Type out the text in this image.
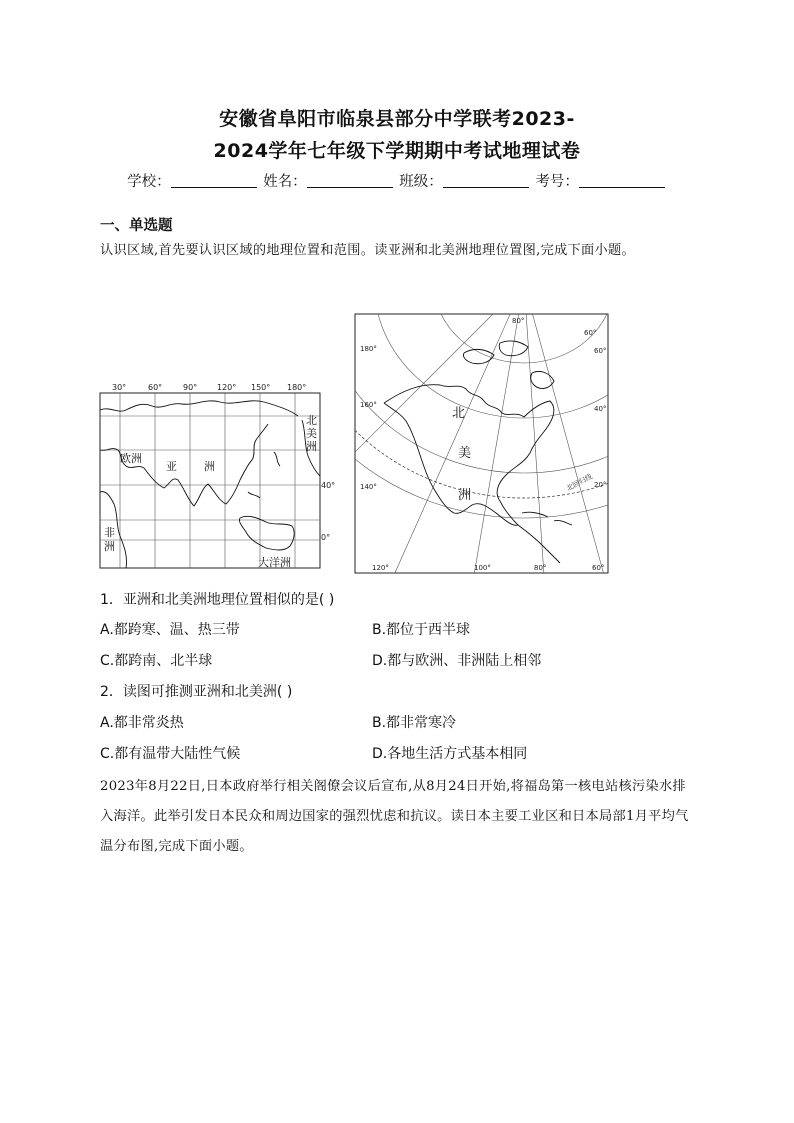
安徽省阜阳市临泉县部分中学联考2023-
2024学年七年级下学期期中考试地理试卷
学校：	姓名：	班级：	考号：
一、单选题
认识区域,首先要认识区域的地理位置和范围。读亚洲和北美洲地理位置图,完成下面小题。
30°	60°	90° 120° 150° 180°
40°
0°
欧洲
亚 洲
非
洲
北
美
洲
大洋洲
80°
60°
120°	100°	80°	60°
180°
160°
140°
60°
40°
20°
北回归线
北
美
洲
1．亚洲和北美洲地理位置相似的是( )
A.都跨寒、温、热三带	B.都位于西半球
C.都跨南、北半球	D.都与欧洲、非洲陆上相邻
2．读图可推测亚洲和北美洲( )
A.都非常炎热	B.都非常寒冷
C.都有温带大陆性气候	D.各地生活方式基本相同
2023年8月22日,日本政府举行相关阁僚会议后宣布,从8月24日开始,将福岛第一核电站核污染水排入海洋。此举引发日本民众和周边国家的强烈忧虑和抗议。读日本主要工业区和日本局部1月平均气温分布图,完成下面小题。
